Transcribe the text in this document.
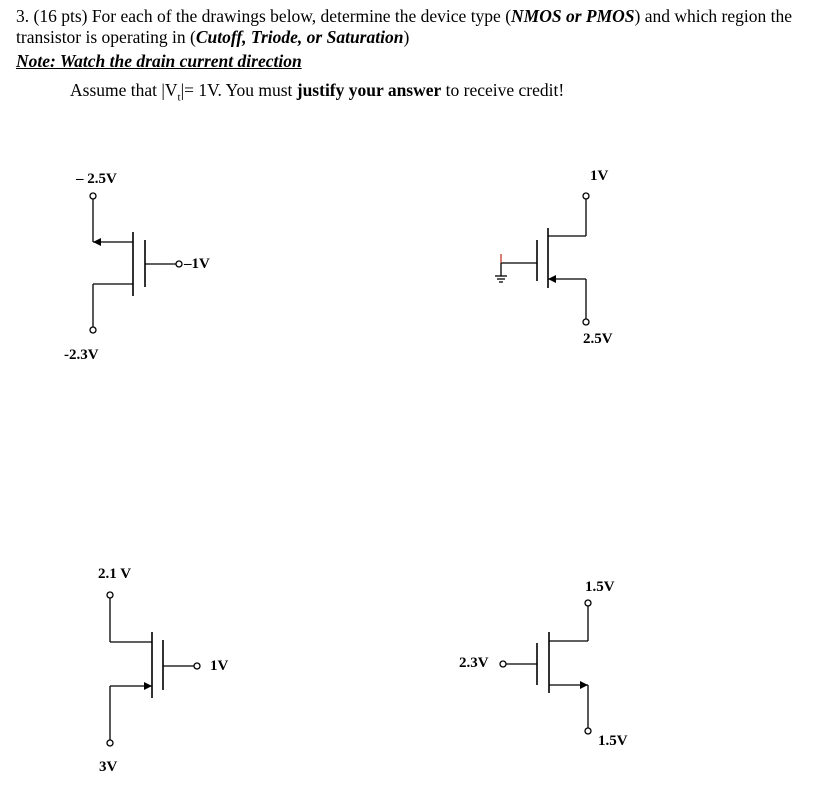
3. (16 pts) For each of the drawings below, determine the device type (NMOS or PMOS) and which region the transistor is operating in (Cutoff, Triode, or Saturation)
Note: Watch the drain current direction
Assume that $|V_t|= 1V$. You must justify your answer to receive credit!
– 2.5V
–1V
-2.3V
1V
2.5V
2.1 V
1V
3V
2.3V
1.5V
1.5V
